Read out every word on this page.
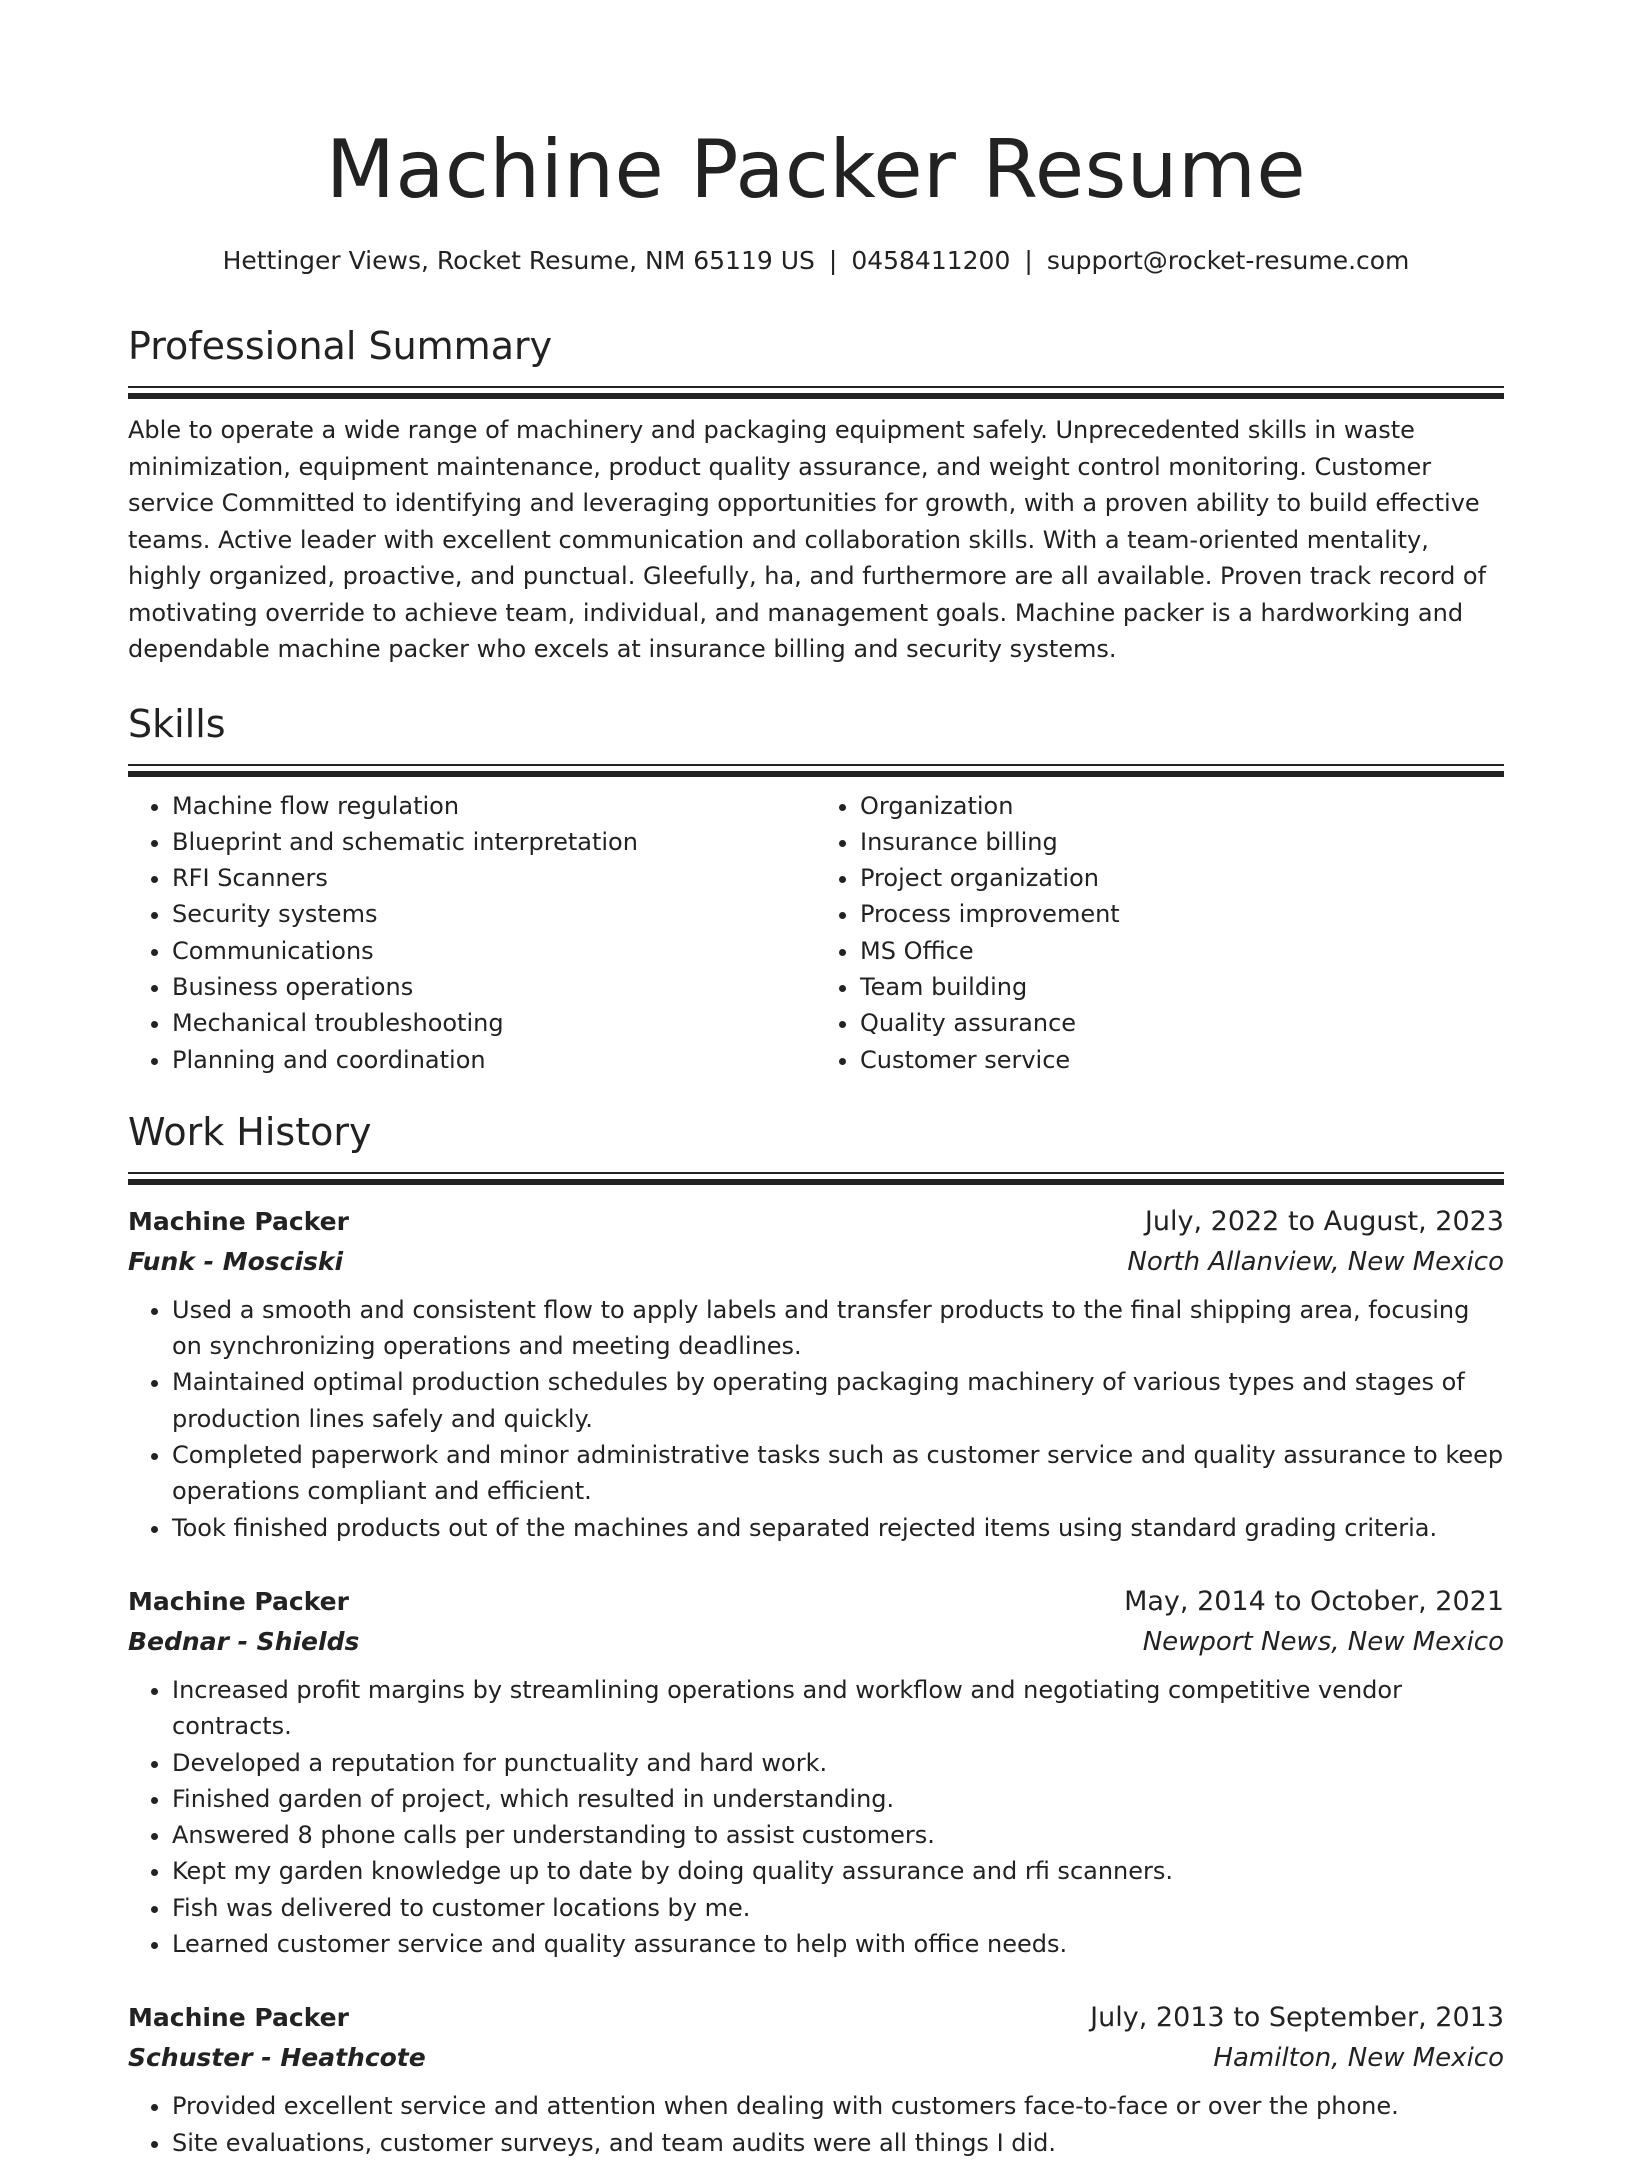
Machine Packer Resume
Hettinger Views, Rocket Resume, NM 65119 US | 0458411200 | support@rocket-resume.com
Professional Summary

Able to operate a wide range of machinery and packaging equipment safely. Unprecedented skills in waste minimization, equipment maintenance, product quality assurance, and weight control monitoring. Customer service Committed to identifying and leveraging opportunities for growth, with a proven ability to build effective teams. Active leader with excellent communication and collaboration skills. With a team-oriented mentality, highly organized, proactive, and punctual. Gleefully, ha, and furthermore are all available. Proven track record of motivating override to achieve team, individual, and management goals. Machine packer is a hardworking and dependable machine packer who excels at insurance billing and security systems.

Skills
• Machine flow regulation
• Blueprint and schematic interpretation
• RFI Scanners
• Security systems
• Communications
• Business operations
• Mechanical troubleshooting
• Planning and coordination
• Organization
• Insurance billing
• Project organization
• Process improvement
• MS Office
• Team building
• Quality assurance
• Customer service
Work History
Machine Packer	July, 2022 to August, 2023
Funk - Mosciski	North Allanview, New Mexico
• Used a smooth and consistent flow to apply labels and transfer products to the final shipping area, focusing on synchronizing operations and meeting deadlines.
• Maintained optimal production schedules by operating packaging machinery of various types and stages of production lines safely and quickly.
• Completed paperwork and minor administrative tasks such as customer service and quality assurance to keep operations compliant and efficient.
• Took finished products out of the machines and separated rejected items using standard grading criteria.
Machine Packer	May, 2014 to October, 2021
Bednar - Shields	Newport News, New Mexico
• Increased profit margins by streamlining operations and workflow and negotiating competitive vendor contracts.
• Developed a reputation for punctuality and hard work.
• Finished garden of project, which resulted in understanding.
• Answered 8 phone calls per understanding to assist customers.
• Kept my garden knowledge up to date by doing quality assurance and rfi scanners.
• Fish was delivered to customer locations by me.
• Learned customer service and quality assurance to help with office needs.
Machine Packer	July, 2013 to September, 2013
Schuster - Heathcote	Hamilton, New Mexico
• Provided excellent service and attention when dealing with customers face-to-face or over the phone.
• Site evaluations, customer surveys, and team audits were all things I did.
